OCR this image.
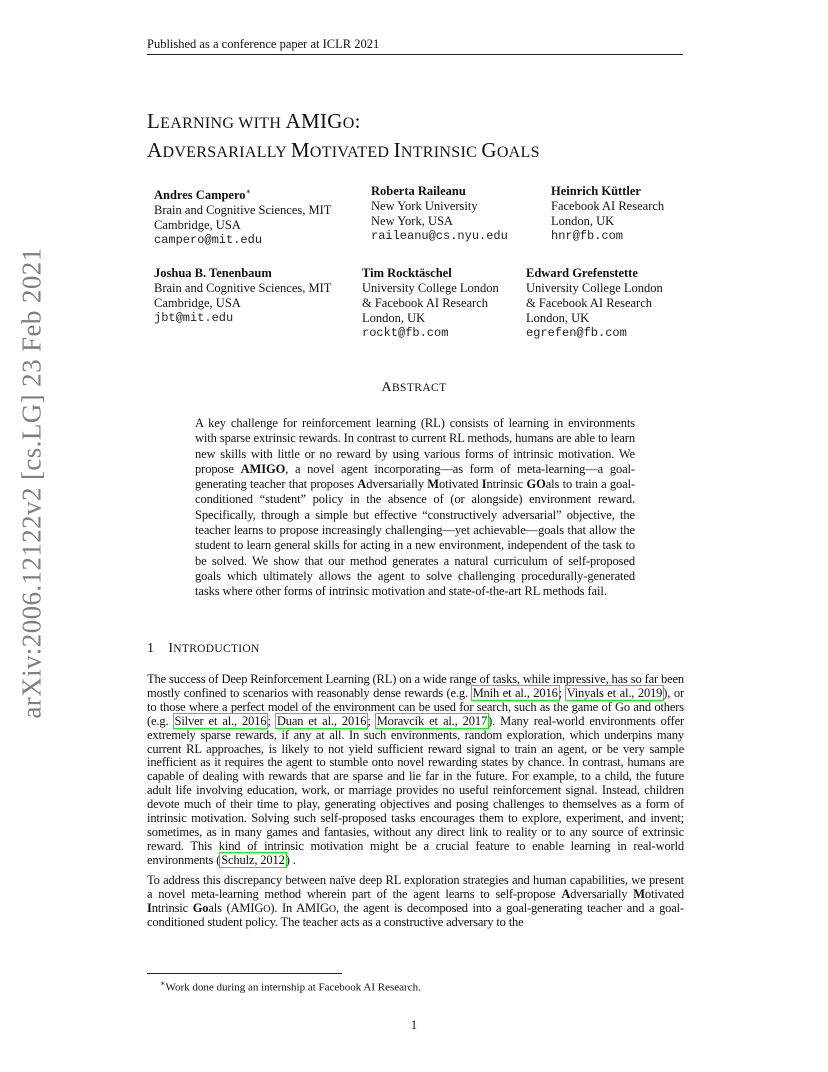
Published as a conference paper at ICLR 2021
arXiv:2006.12122v2 [cs.LG] 23 Feb 2021
LEARNING WITH AMIGO:
ADVERSARIALLY MOTIVATED INTRINSIC GOALS
Andres Campero∗
Brain and Cognitive Sciences, MIT
Cambridge, USA
campero@mit.edu
Roberta Raileanu
New York University
New York, USA
raileanu@cs.nyu.edu
Heinrich Küttler
Facebook AI Research
London, UK
hnr@fb.com
Joshua B. Tenenbaum
Brain and Cognitive Sciences, MIT
Cambridge, USA
jbt@mit.edu
Tim Rocktäschel
University College London
& Facebook AI Research
London, UK
rockt@fb.com
Edward Grefenstette
University College London
& Facebook AI Research
London, UK
egrefen@fb.com
ABSTRACT
A key challenge for reinforcement learning (RL) consists of learning in environments with sparse extrinsic rewards. In contrast to current RL methods, humans are able to learn new skills with little or no reward by using various forms of intrinsic motivation. We propose AMIGO, a novel agent incorporating—as form of meta-learning—a goal-generating teacher that proposes Adversarially Motivated Intrinsic GOals to train a goal-conditioned “student” policy in the absence of (or alongside) environment reward. Specifically, through a simple but effective “constructively adversarial” objective, the teacher learns to propose increasingly challenging—yet achievable—goals that allow the student to learn general skills for acting in a new environment, independent of the task to be solved. We show that our method generates a natural curriculum of self-proposed goals which ultimately allows the agent to solve challenging procedurally-generated tasks where other forms of intrinsic motivation and state-of-the-art RL methods fail.
1 INTRODUCTION

The success of Deep Reinforcement Learning (RL) on a wide range of tasks, while impressive, has so far been mostly confined to scenarios with reasonably dense rewards (e.g. Mnih et al., 2016; Vinyals et al., 2019), or to those where a perfect model of the environment can be used for search, such as the game of Go and others (e.g. Silver et al., 2016; Duan et al., 2016; Moravcík et al., 2017). Many real-world environments offer extremely sparse rewards, if any at all. In such environments, random exploration, which underpins many current RL approaches, is likely to not yield sufficient reward signal to train an agent, or be very sample inefficient as it requires the agent to stumble onto novel rewarding states by chance. In contrast, humans are capable of dealing with rewards that are sparse and lie far in the future. For example, to a child, the future adult life involving education, work, or marriage provides no useful reinforcement signal. Instead, children devote much of their time to play, generating objectives and posing challenges to themselves as a form of intrinsic motivation. Solving such self-proposed tasks encourages them to explore, experiment, and invent; sometimes, as in many games and fantasies, without any direct link to reality or to any source of extrinsic reward. This kind of intrinsic motivation might be a crucial feature to enable learning in real-world environments (Schulz, 2012) .

To address this discrepancy between naïve deep RL exploration strategies and human capabilities, we present a novel meta-learning method wherein part of the agent learns to self-propose Adversarially Motivated Intrinsic Goals (AMIGO). In AMIGO, the agent is decomposed into a goal-generating teacher and a goal-conditioned student policy. The teacher acts as a constructive adversary to the

∗Work done during an internship at Facebook AI Research.
1
